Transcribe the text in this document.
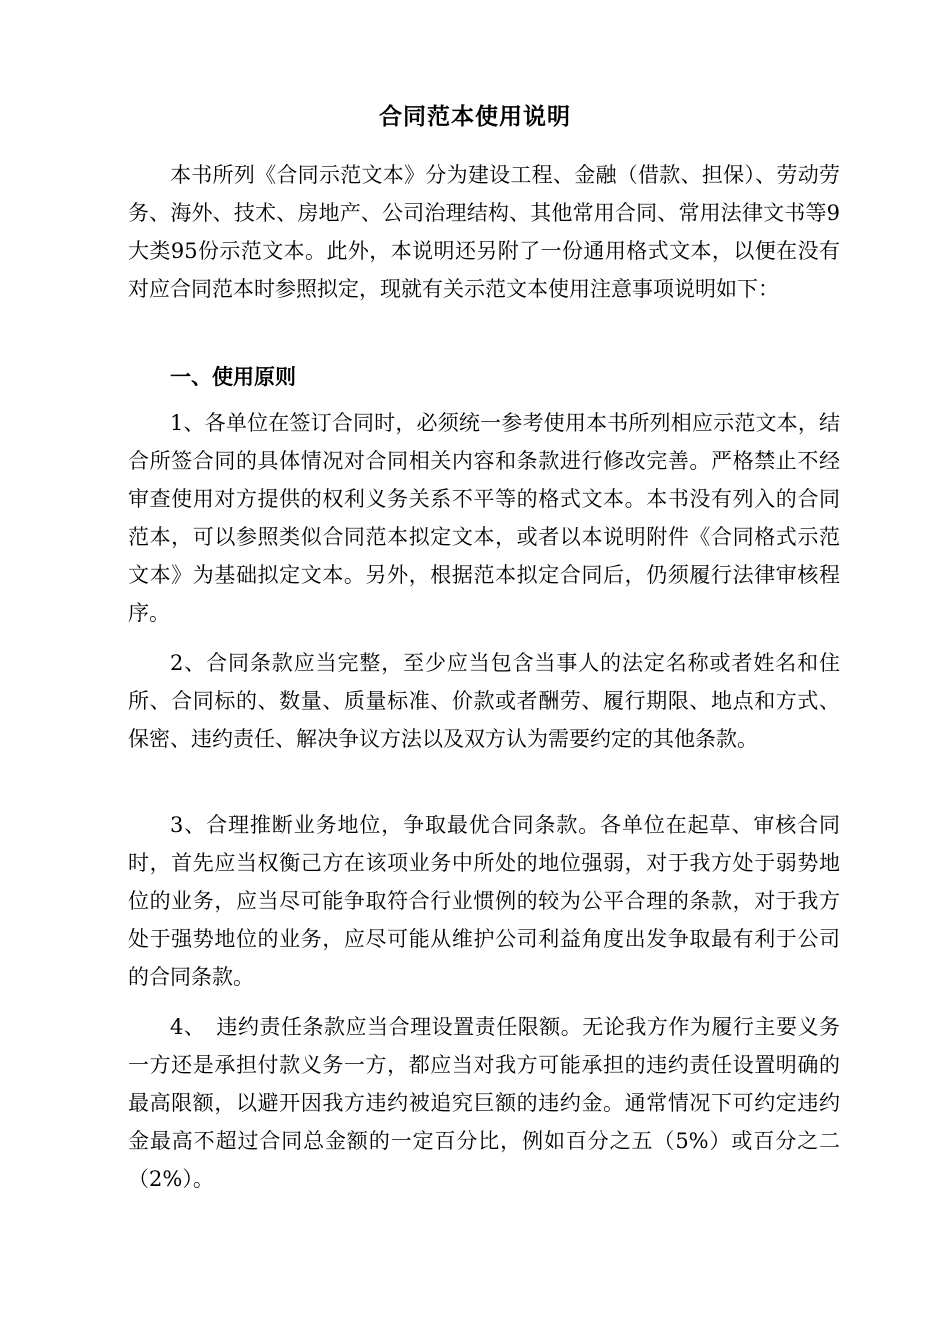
合同范本使用说明

本书所列《合同示范文本》分为建设工程、金融（借款、担保）、劳动劳务、海外、技术、房地产、公司治理结构、其他常用合同、常用法律文书等9大类95份示范文本。此外，本说明还另附了一份通用格式文本，以便在没有对应合同范本时参照拟定，现就有关示范文本使用注意事项说明如下：

一、使用原则

1、各单位在签订合同时，必须统一参考使用本书所列相应示范文本，结合所签合同的具体情况对合同相关内容和条款进行修改完善。严格禁止不经审查使用对方提供的权利义务关系不平等的格式文本。本书没有列入的合同范本，可以参照类似合同范本拟定文本，或者以本说明附件《合同格式示范文本》为基础拟定文本。另外，根据范本拟定合同后，仍须履行法律审核程序。

2、合同条款应当完整，至少应当包含当事人的法定名称或者姓名和住所、合同标的、数量、质量标准、价款或者酬劳、履行期限、地点和方式、保密、违约责任、解决争议方法以及双方认为需要约定的其他条款。

3、合理推断业务地位，争取最优合同条款。各单位在起草、审核合同时，首先应当权衡己方在该项业务中所处的地位强弱，对于我方处于弱势地位的业务，应当尽可能争取符合行业惯例的较为公平合理的条款，对于我方处于强势地位的业务，应尽可能从维护公司利益角度出发争取最有利于公司的合同条款。

4、　违约责任条款应当合理设置责任限额。无论我方作为履行主要义务一方还是承担付款义务一方，都应当对我方可能承担的违约责任设置明确的最高限额，以避开因我方违约被追究巨额的违约金。通常情况下可约定违约金最高不超过合同总金额的一定百分比，例如百分之五（5%）或百分之二（2%）。
